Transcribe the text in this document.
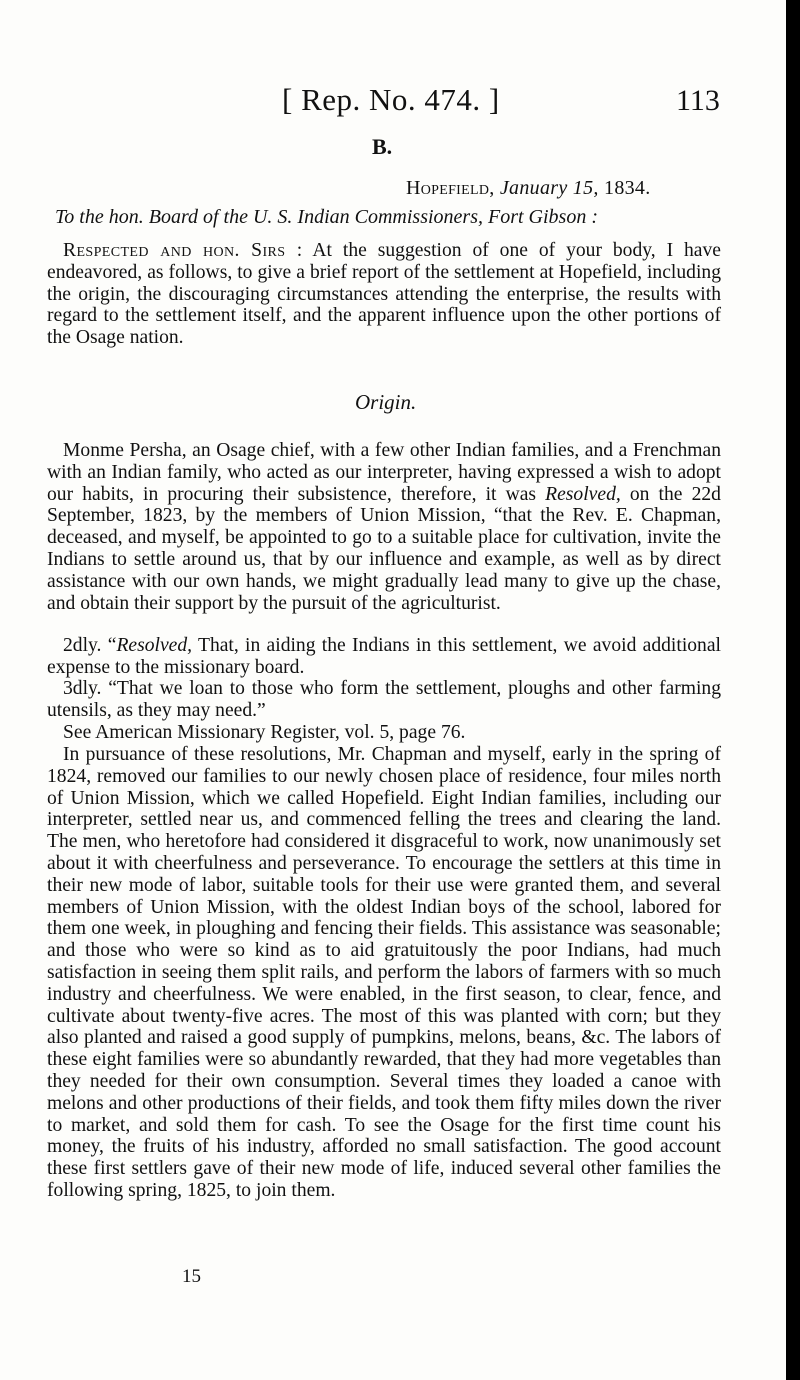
[ Rep. No. 474. ]	113
B.
Hopefield, January 15, 1834.
To the hon. Board of the U. S. Indian Commissioners, Fort Gibson :

Respected and hon. Sirs : At the suggestion of one of your body, I have endeavored, as follows, to give a brief report of the settlement at Hopefield, including the origin, the discouraging circumstances attending the enterprise, the results with regard to the settlement itself, and the apparent influence upon the other portions of the Osage nation.

Origin.

Monme Persha, an Osage chief, with a few other Indian families, and a Frenchman with an Indian family, who acted as our interpreter, having expressed a wish to adopt our habits, in procuring their subsistence, therefore, it was Resolved, on the 22d September, 1823, by the members of Union Mission, “that the Rev. E. Chapman, deceased, and myself, be appointed to go to a suitable place for cultivation, invite the Indians to settle around us, that by our influence and example, as well as by direct assistance with our own hands, we might gradually lead many to give up the chase, and obtain their support by the pursuit of the agriculturist.

2dly. “Resolved, That, in aiding the Indians in this settlement, we avoid additional expense to the missionary board.

3dly. “That we loan to those who form the settlement, ploughs and other farming utensils, as they may need.”

See American Missionary Register, vol. 5, page 76.

In pursuance of these resolutions, Mr. Chapman and myself, early in the spring of 1824, removed our families to our newly chosen place of residence, four miles north of Union Mission, which we called Hopefield. Eight Indian families, including our interpreter, settled near us, and commenced felling the trees and clearing the land. The men, who heretofore had considered it disgraceful to work, now unanimously set about it with cheerfulness and perseverance. To encourage the settlers at this time in their new mode of labor, suitable tools for their use were granted them, and several members of Union Mission, with the oldest Indian boys of the school, labored for them one week, in ploughing and fencing their fields. This assistance was seasonable; and those who were so kind as to aid gratuitously the poor Indians, had much satisfaction in seeing them split rails, and perform the labors of farmers with so much industry and cheerfulness. We were enabled, in the first season, to clear, fence, and cultivate about twenty-five acres. The most of this was planted with corn; but they also planted and raised a good supply of pumpkins, melons, beans, &c. The labors of these eight families were so abundantly rewarded, that they had more vegetables than they needed for their own consumption. Several times they loaded a canoe with melons and other productions of their fields, and took them fifty miles down the river to market, and sold them for cash. To see the Osage for the first time count his money, the fruits of his industry, afforded no small satisfaction. The good account these first settlers gave of their new mode of life, induced several other families the following spring, 1825, to join them.

15
